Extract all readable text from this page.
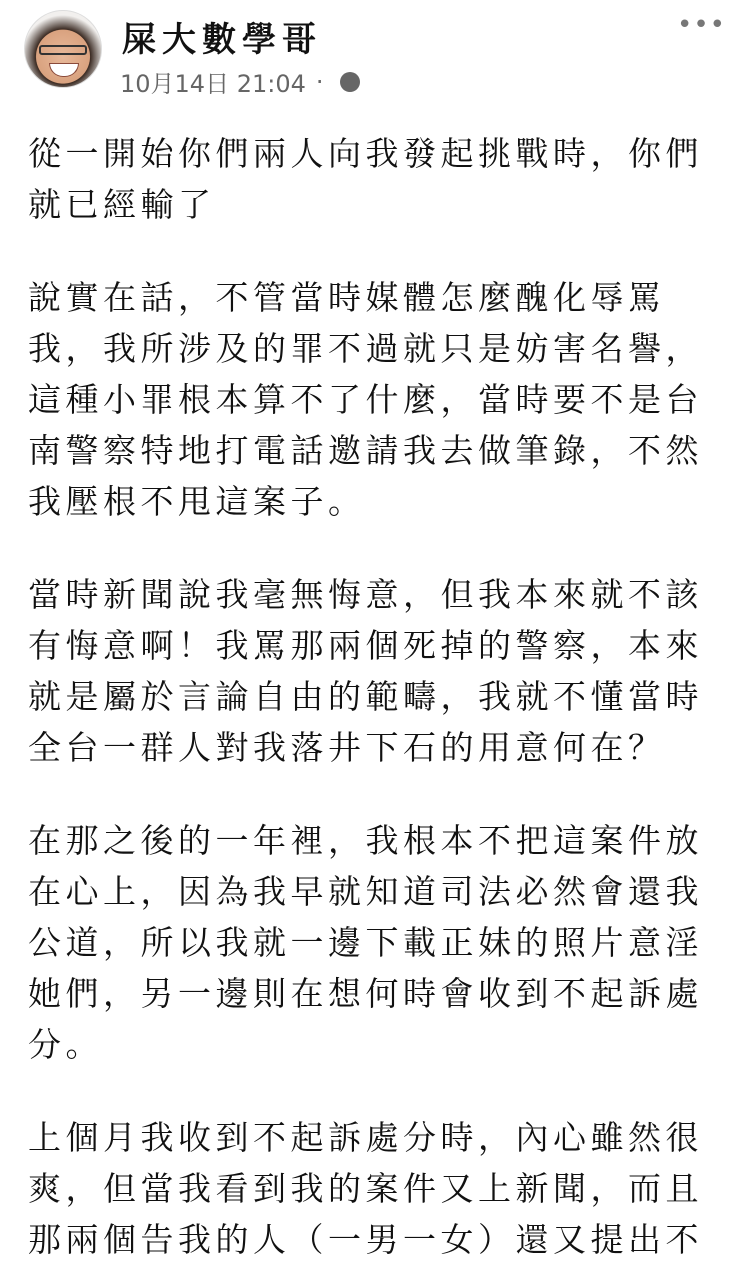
屎大數學哥
10月14日 21:04 ·
•••
從一開始你們兩人向我發起挑戰時，你們
就已經輸了
說實在話，不管當時媒體怎麼醜化辱罵
我，我所涉及的罪不過就只是妨害名譽，
這種小罪根本算不了什麼，當時要不是台
南警察特地打電話邀請我去做筆錄，不然
我壓根不甩這案子。
當時新聞說我毫無悔意，但我本來就不該
有悔意啊！我罵那兩個死掉的警察，本來
就是屬於言論自由的範疇，我就不懂當時
全台一群人對我落井下石的用意何在？
在那之後的一年裡，我根本不把這案件放
在心上，因為我早就知道司法必然會還我
公道，所以我就一邊下載正妹的照片意淫
她們，另一邊則在想何時會收到不起訴處
分。
上個月我收到不起訴處分時，內心雖然很
爽，但當我看到我的案件又上新聞，而且
那兩個告我的人（一男一女）還又提出不
